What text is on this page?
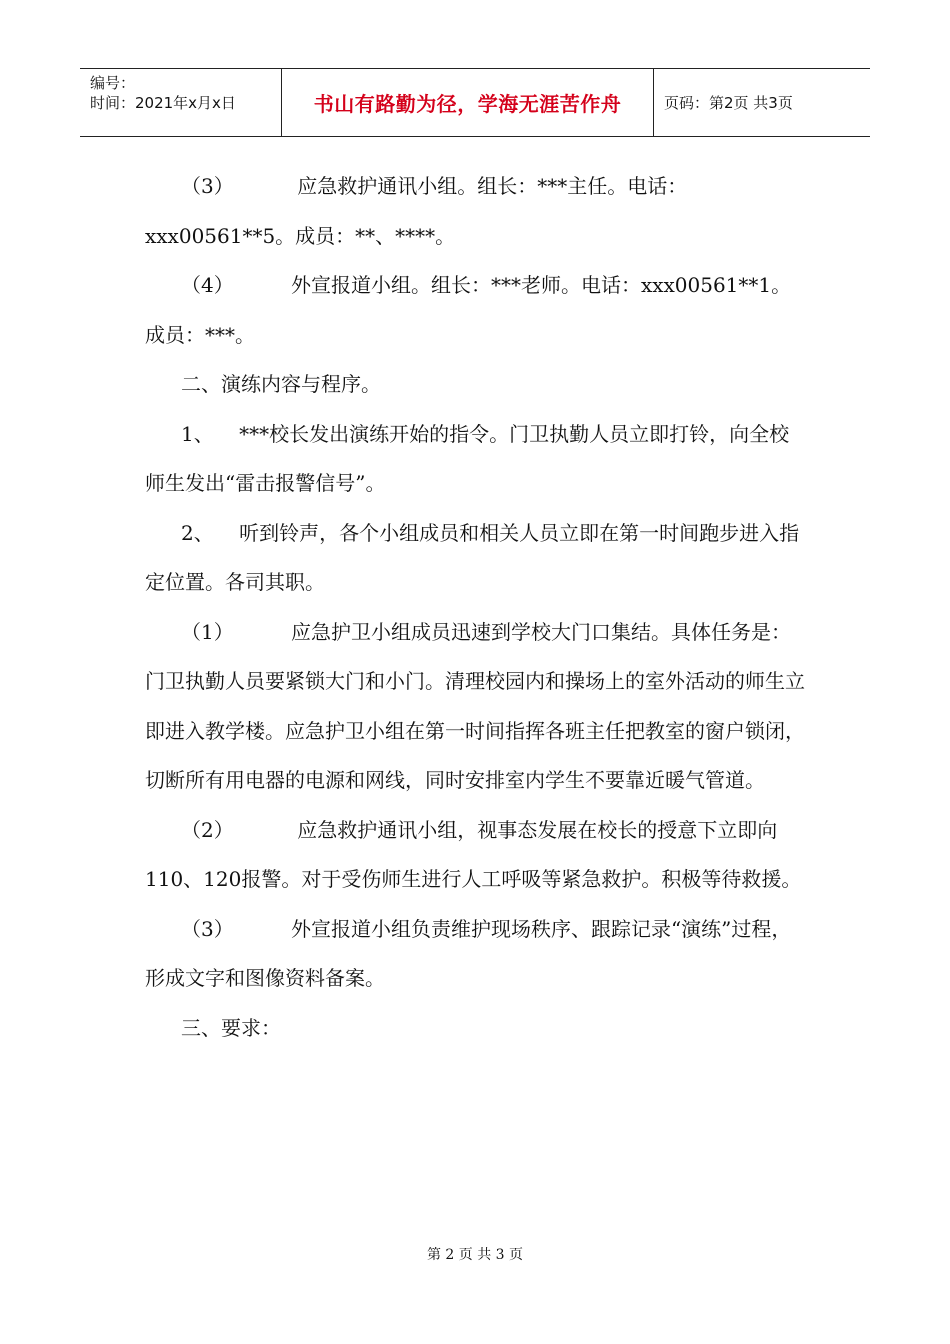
编号：
时间：2021年x月x日	书山有路勤为径，学海无涯苦作舟	页码：第2页 共3页

（3）          应急救护通讯小组。组长：***主任。电话：xxx00561**5。成员：**、****。

（4）         外宣报道小组。组长：***老师。电话：xxx00561**1。成员：***。

二、演练内容与程序。

1、    ***校长发出演练开始的指令。门卫执勤人员立即打铃，向全校师生发出“雷击报警信号”。

2、    听到铃声，各个小组成员和相关人员立即在第一时间跑步进入指定位置。各司其职。

（1）         应急护卫小组成员迅速到学校大门口集结。具体任务是：门卫执勤人员要紧锁大门和小门。清理校园内和操场上的室外活动的师生立即进入教学楼。应急护卫小组在第一时间指挥各班主任把教室的窗户锁闭，切断所有用电器的电源和网线，同时安排室内学生不要靠近暖气管道。

（2）          应急救护通讯小组，视事态发展在校长的授意下立即向110、120报警。对于受伤师生进行人工呼吸等紧急救护。积极等待救援。

（3）         外宣报道小组负责维护现场秩序、跟踪记录“演练”过程，形成文字和图像资料备案。

三、要求：

第 2 页 共 3 页
